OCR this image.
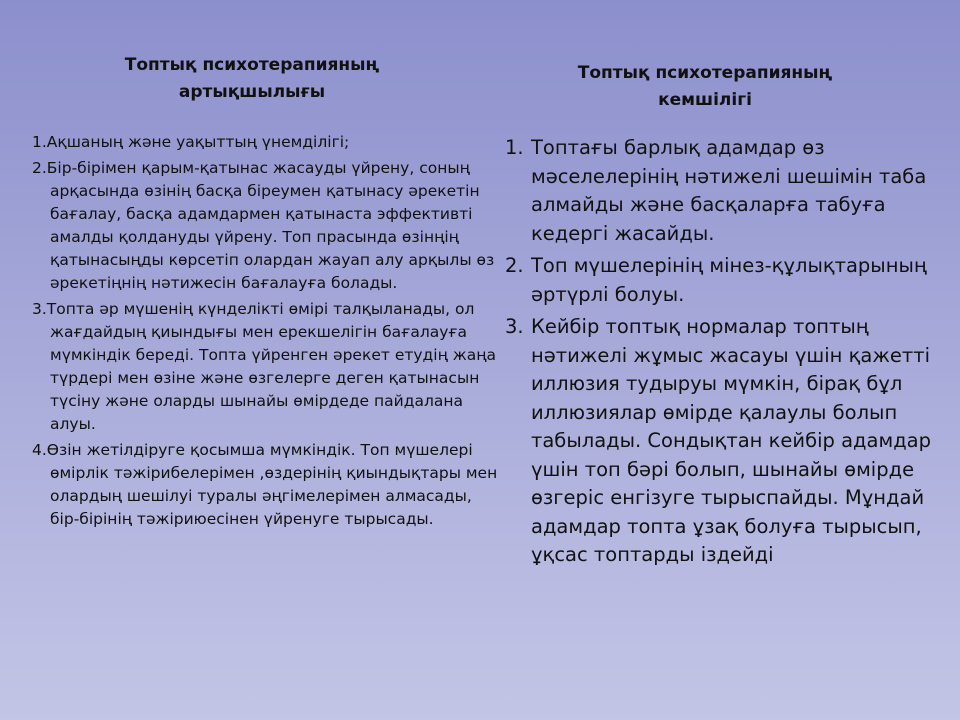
Топтық психотерапияның
артықшылығы
1.Ақшаның және уақыттың үнемділігі;
2.Бір-бірімен қарым-қатынас жасауды үйрену, соның арқасында өзінің басқа біреумен қатынасу әрекетін бағалау, басқа адамдармен қатынаста эффективті амалды қолдануды үйрену. Топ прасында өзінңің қатынасыңды көрсетіп олардан жауап алу арқылы өз әрекетіңнің нәтижесін бағалауға болады.
3.Топта әр мүшенің күнделікті өмірі талқыланады, ол жағдайдың қиындығы мен ерекшелігін бағалауға мүмкіндік береді. Топта үйренген әрекет етудің жаңа түрдері мен өзіне және өзгелерге деген қатынасын түсіну және оларды шынайы өмірдеде пайдалана алуы.
4.Өзін жетілдіруге қосымша мүмкіндік. Топ мүшелері өмірлік тәжірибелерімен ,өздерінің қиындықтары мен олардың шешілуі туралы әңгімелерімен алмасады, бір-бірінің тәжіриюесінен үйренуге тырысады.
Топтық психотерапияның
кемшілігі
1. Топтағы барлық адамдар өз мәселелерінің нәтижелі шешімін таба алмайды және басқаларға табуға кедергі жасайды.
2. Топ мүшелерінің мінез-құлықтарының әртүрлі болуы.
3. Кейбір топтық нормалар топтың нәтижелі жұмыс жасауы үшін қажетті иллюзия тудыруы мүмкін, бірақ бұл иллюзиялар өмірде қалаулы болып табылады. Сондықтан кейбір адамдар үшін топ бәрі болып, шынайы өмірде өзгеріс енгізуге тырыспайды. Мұндай адамдар топта ұзақ болуға тырысып, ұқсас топтарды іздейді
